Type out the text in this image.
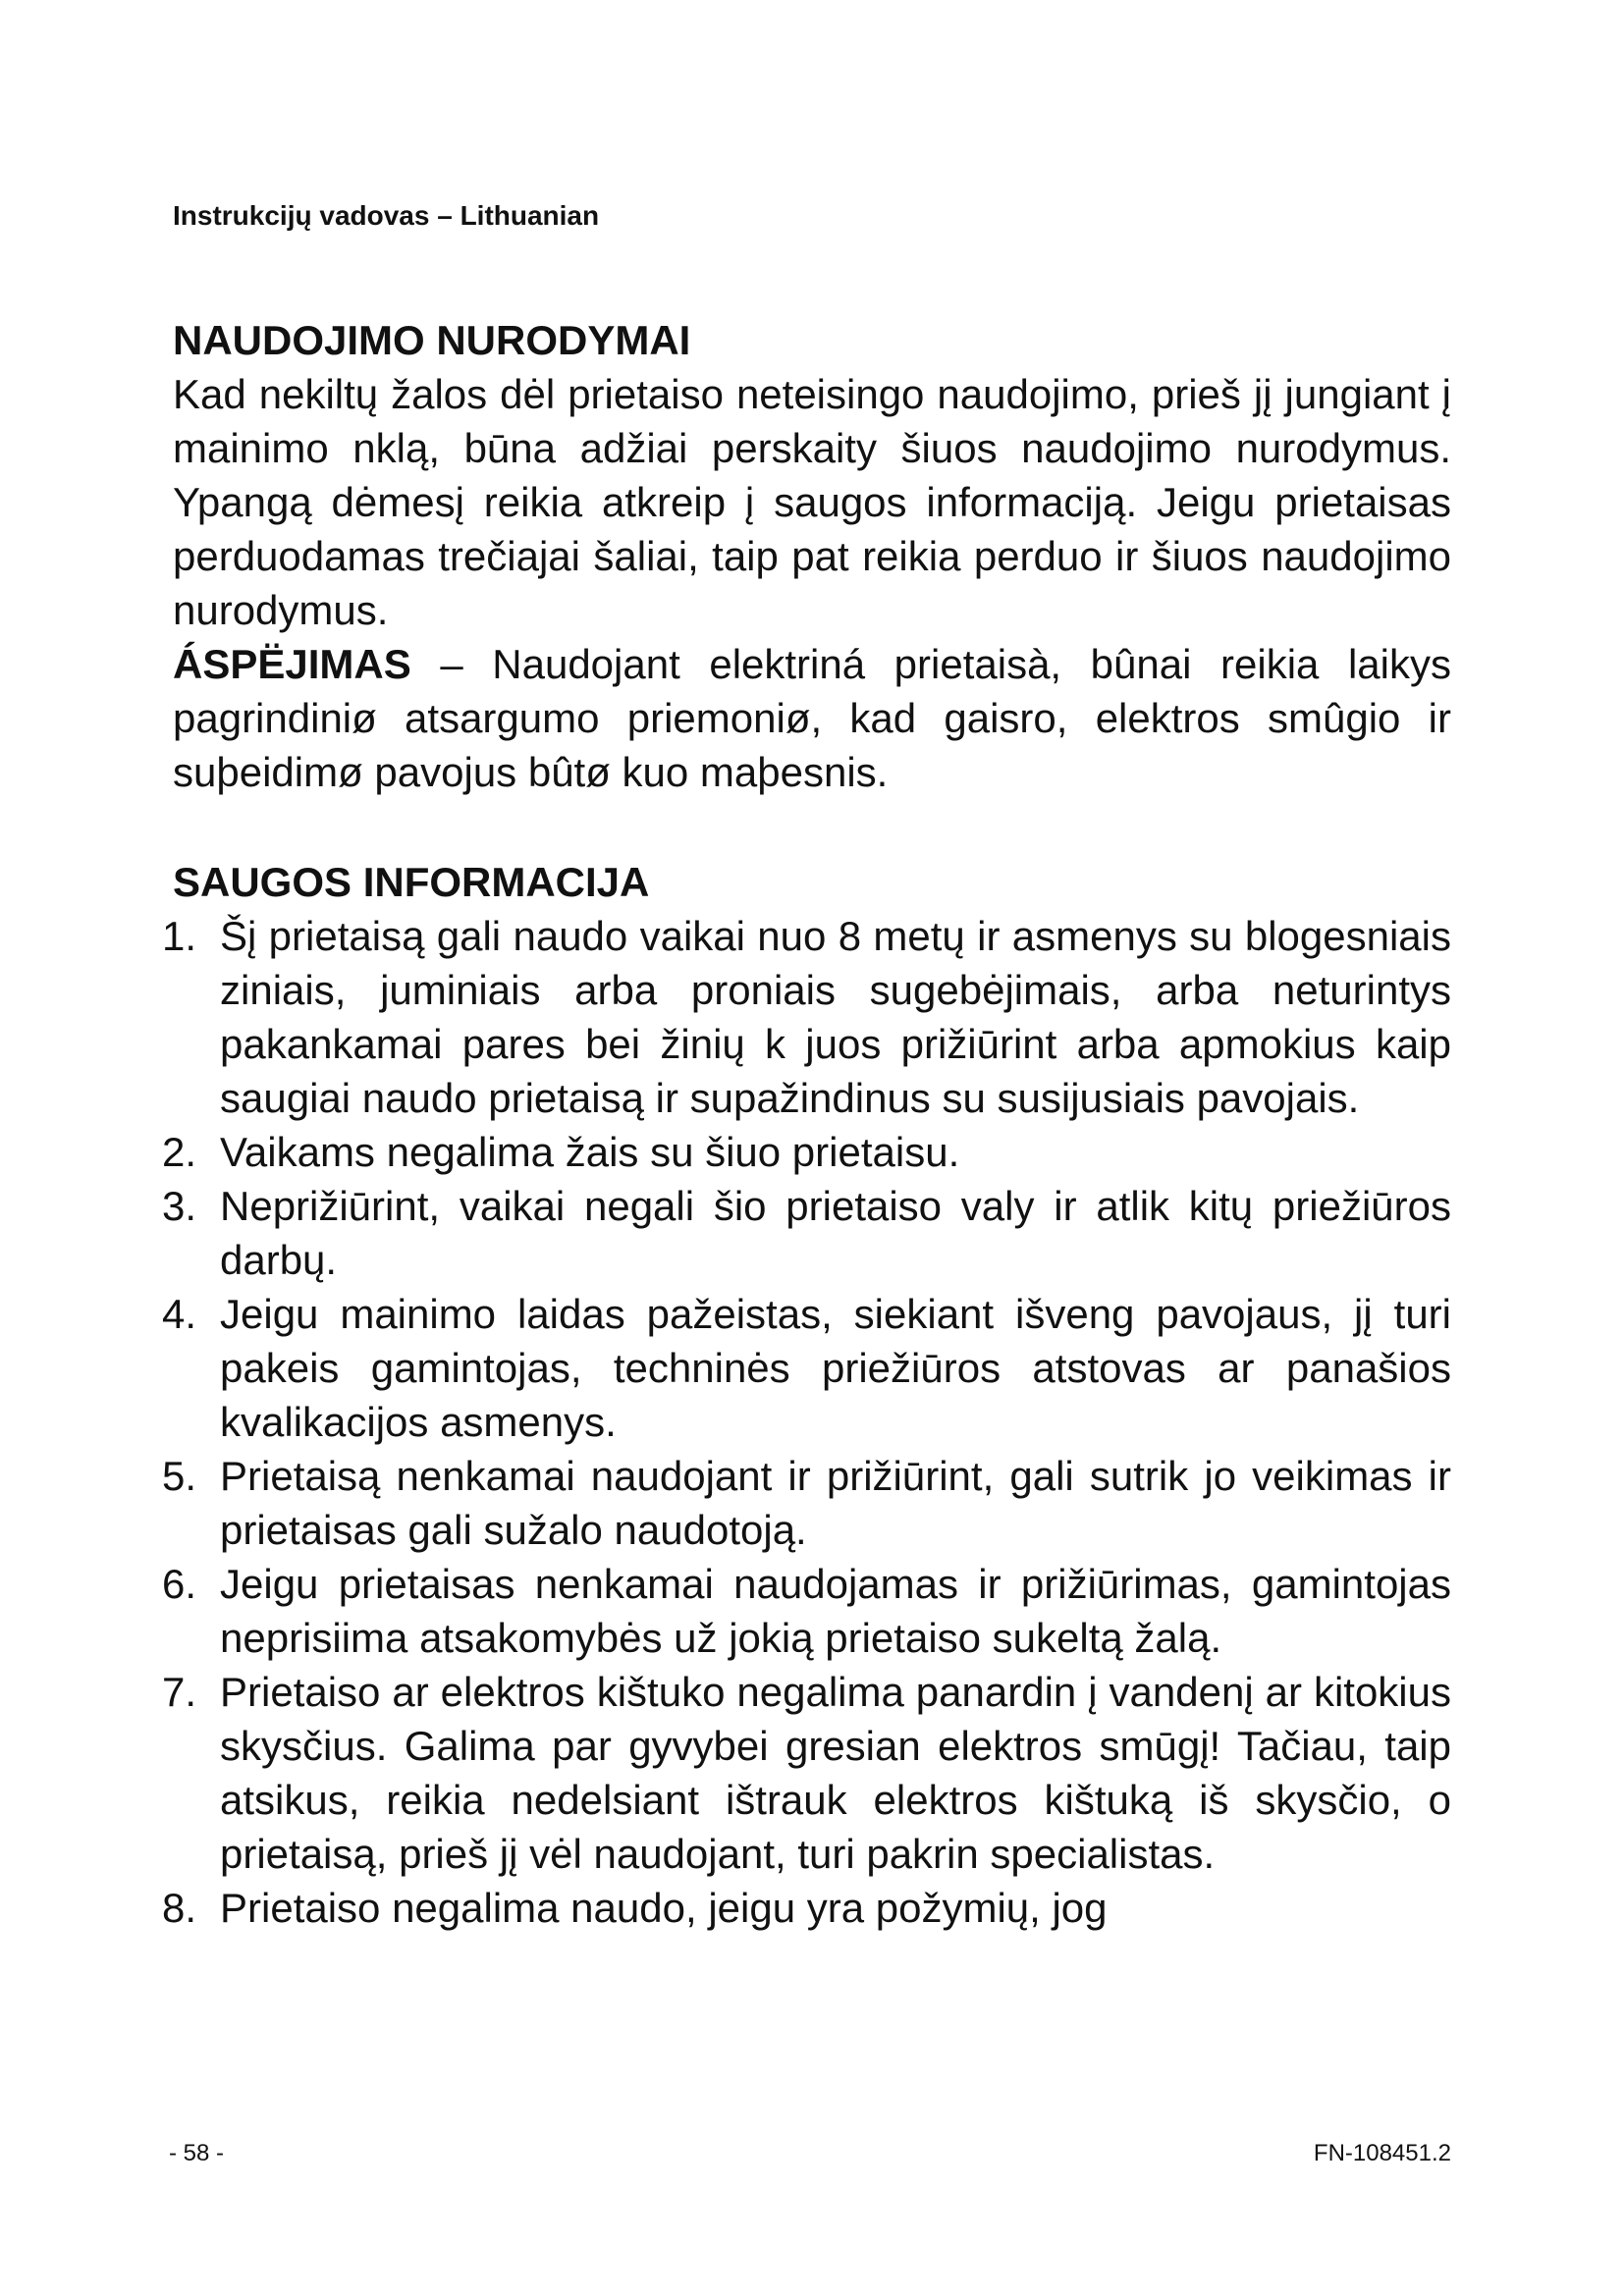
Instrukcijų vadovas – Lithuanian
NAUDOJIMO NURODYMAI

Kad nekiltų žalos dėl prietaiso neteisingo naudojimo, prieš jį jungiant į mainimo nklą, būna adžiai perskaity šiuos naudojimo nurodymus. Ypangą dėmesį reikia atkreip į saugos informaciją. Jeigu prietaisas perduodamas trečiajai šaliai, taip pat reikia perduo ir šiuos naudojimo nurodymus.
ÁSPËJIMAS – Naudojant elektriná prietaisà, bûnai reikia laikys pagrindiniø atsargumo priemoniø, kad gaisro, elektros smûgio ir suþeidimø pavojus bûtø kuo maþesnis.

SAUGOS INFORMACIJA
1. Šį prietaisą gali naudo vaikai nuo 8 metų ir asmenys su blogesniais ziniais, juminiais arba proniais sugebėjimais, arba neturintys pakankamai pares bei žinių k juos prižiūrint arba apmokius kaip saugiai naudo prietaisą ir supažindinus su susijusiais pavojais.
2. Vaikams negalima žais su šiuo prietaisu.
3. Neprižiūrint, vaikai negali šio prietaiso valy ir atlik kitų priežiūros darbų.
4. Jeigu mainimo laidas pažeistas, siekiant išveng pavojaus, jį turi pakeis gamintojas, techninės priežiūros atstovas ar panašios kvalikacijos asmenys.
5. Prietaisą nenkamai naudojant ir prižiūrint, gali sutrik jo veikimas ir prietaisas gali sužalo naudotoją.
6. Jeigu prietaisas nenkamai naudojamas ir prižiūrimas, gamintojas neprisiima atsakomybės už jokią prietaiso sukeltą žalą.
7. Prietaiso ar elektros kištuko negalima panardin į vandenį ar kitokius skysčius. Galima par gyvybei gresian elektros smūgį! Tačiau, taip atsikus, reikia nedelsiant ištrauk elektros kištuką iš skysčio, o prietaisą, prieš jį vėl naudojant, turi pakrin specialistas.
8. Prietaiso negalima naudo, jeigu yra požymių, jog
- 58 -	FN-108451.2
